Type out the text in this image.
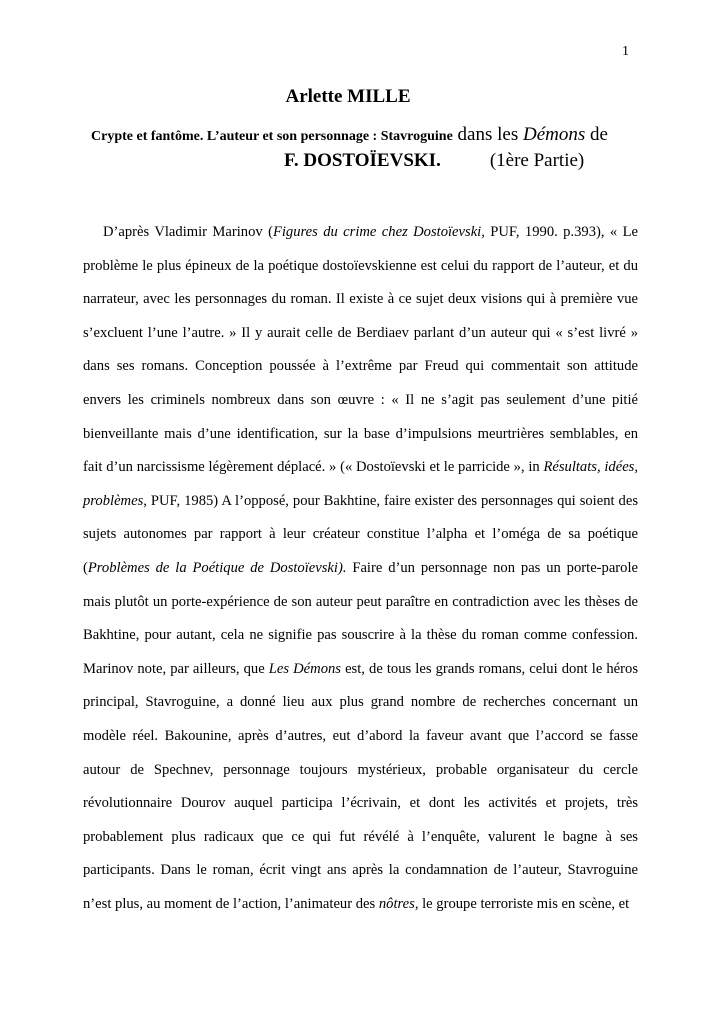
1
Arlette MILLE
Crypte et fantôme. L’auteur et son personnage : Stavroguine dans les Démons de
F. DOSTOÏEVSKI.	(1ère Partie)

D’après Vladimir Marinov (Figures du crime chez Dostoïevski, PUF, 1990. p.393), « Le problème le plus épineux de la poétique dostoïevskienne est celui du rapport de l’auteur, et du narrateur, avec les personnages du roman. Il existe à ce sujet deux visions qui à première vue s’excluent l’une l’autre. » Il y aurait celle de Berdiaev parlant d’un auteur qui « s’est livré » dans ses romans. Conception poussée à l’extrême par Freud qui commentait son attitude envers les criminels nombreux dans son œuvre : « Il ne s’agit pas seulement d’une pitié bienveillante mais d’une identification, sur la base d’impulsions meurtrières semblables, en fait d’un narcissisme légèrement déplacé. » (« Dostoïevski et le parricide », in Résultats, idées, problèmes, PUF, 1985) A l’opposé, pour Bakhtine, faire exister des personnages qui soient des sujets autonomes par rapport à leur créateur constitue l’alpha et l’oméga de sa poétique (Problèmes de la Poétique de Dostoïevski). Faire d’un personnage non pas un porte-parole mais plutôt un porte-expérience de son auteur peut paraître en contradiction avec les thèses de Bakhtine, pour autant, cela ne signifie pas souscrire à la thèse du roman comme confession. Marinov note, par ailleurs, que Les Démons est, de tous les grands romans, celui dont le héros principal, Stavroguine, a donné lieu aux plus grand nombre de recherches concernant un modèle réel. Bakounine, après d’autres, eut d’abord la faveur avant que l’accord se fasse autour de Spechnev, personnage toujours mystérieux, probable organisateur du cercle révolutionnaire Dourov auquel participa l’écrivain, et dont les activités et projets, très probablement plus radicaux que ce qui fut révélé à l’enquête, valurent le bagne à ses participants. Dans le roman, écrit vingt ans après la condamnation de l’auteur, Stavroguine n’est plus, au moment de l’action, l’animateur des nôtres, le groupe terroriste mis en scène, et
